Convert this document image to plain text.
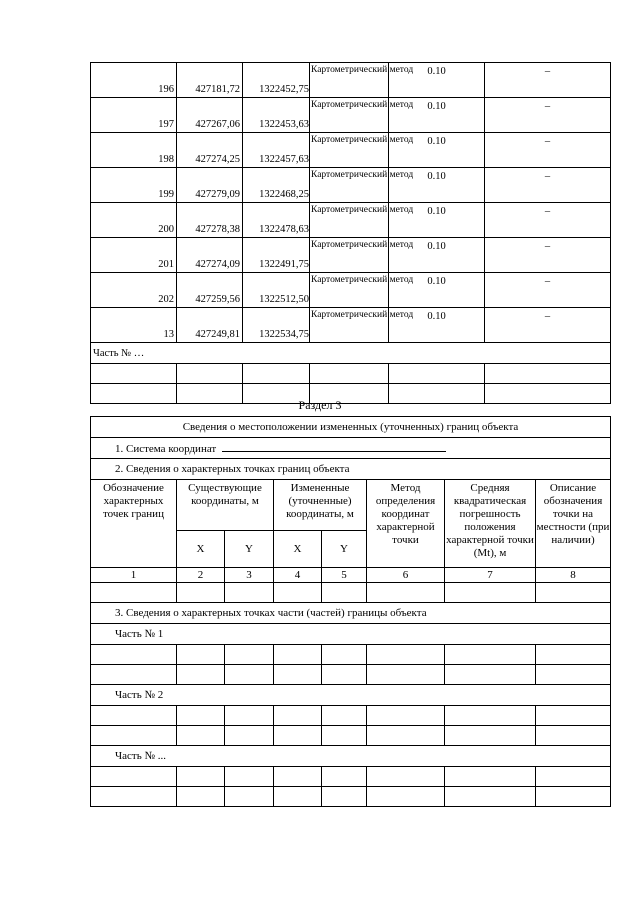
196	427181,72	1322452,75	Картометрический метод	0.10	–
197	427267,06	1322453,63	Картометрический метод	0.10	–
198	427274,25	1322457,63	Картометрический метод	0.10	–
199	427279,09	1322468,25	Картометрический метод	0.10	–
200	427278,38	1322478,63	Картометрический метод	0.10	–
201	427274,09	1322491,75	Картометрический метод	0.10	–
202	427259,56	1322512,50	Картометрический метод	0.10	–
13	427249,81	1322534,75	Картометрический метод	0.10	–
Часть № …					

Раздел 3
Сведения о местоположении измененных (уточненных) границ объекта							
1. Система координат							
2. Сведения о характерных точках границ объекта							
Обозначение характерных точек границ	Существующие координаты, м		Измененные (уточненные) координаты, м		Метод определения координат характерной точки	Средняя квадратическая погрешность положения характерной точки (Mt), м	Описание обозначения точки на местности (при наличии)
	X	Y	X	Y			
1	2	3	4	5	6	7	8

3. Сведения о характерных точках части (частей) границы объекта							
Часть № 1							

Часть № 2							

Часть № ...							
